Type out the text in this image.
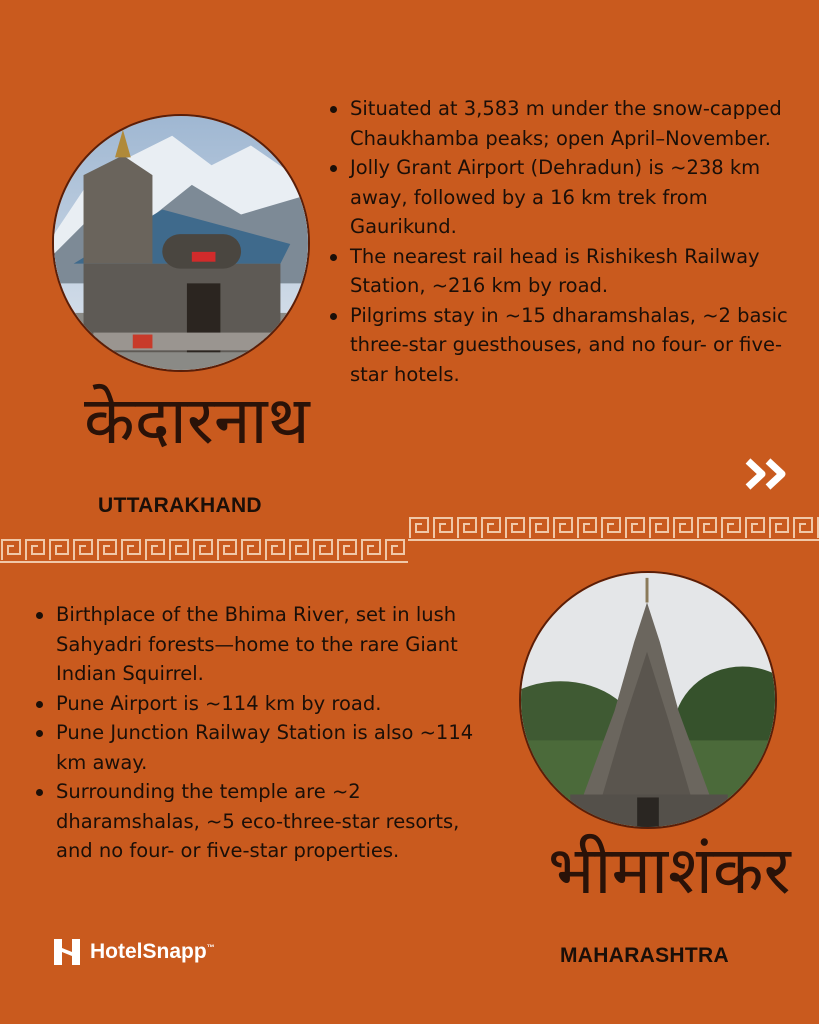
Situated at 3,583 m under the snow-capped Chaukhamba peaks; open April–November.
Jolly Grant Airport (Dehradun) is ~238 km away, followed by a 16 km trek from Gaurikund.
The nearest rail head is Rishikesh Railway Station, ~216 km by road.
Pilgrims stay in ~15 dharamshalas, ~2 basic three-star guesthouses, and no four- or five-star hotels.
केदारनाथ
UTTARAKHAND
Birthplace of the Bhima River, set in lush Sahyadri forests—home to the rare Giant Indian Squirrel.
Pune Airport is ~114 km by road.
Pune Junction Railway Station is also ~114 km away.
Surrounding the temple are ~2 dharamshalas, ~5 eco-three-star resorts, and no four- or five-star properties.	भीमाशंकर
MAHARASHTRA
HotelSnapp™
